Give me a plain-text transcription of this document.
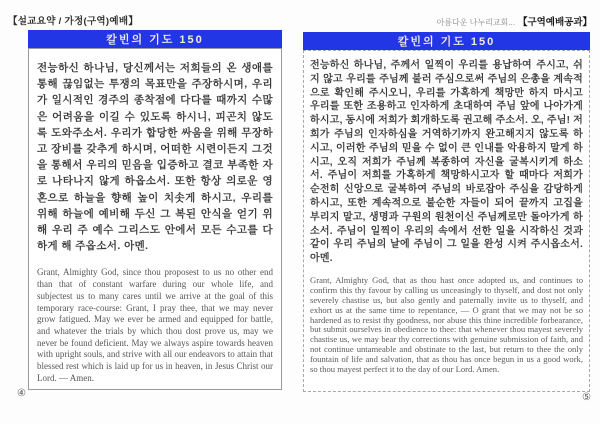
【설교요약 / 가정(구역)예배】
칼빈의 기도 150

전능하신 하나님, 당신께서는 저희들의 온 생애를 통해 끊임없는 투쟁의 목표만을 주장하시며, 우리가 일시적인 경주의 종착점에 다다를 때까지 수많은 어려움을 이길 수 있도록 하시니, 피곤치 않도록 도와주소서. 우리가 합당한 싸움을 위해 무장하고 장비를 갖추게 하시며, 어떠한 시련이든지 그것을 통해서 우리의 믿음을 입증하고 결코 부족한 자로 나타나지 않게 하옵소서. 또한 항상 의로운 영혼으로 하늘을 향해 높이 치솟게 하시고, 우리를 위해 하늘에 예비해 두신 그 복된 안식을 얻기 위해 우리 주 예수 그리스도 안에서 모든 수고를 다하게 해 주옵소서. 아멘.

Grant, Almighty God, since thou proposest to us no other end than that of constant warfare during our whole life, and subjectest us to many cares until we arrive at the goal of this temporary race-course: Grant, I pray thee, that we may never grow fatigued. May we ever be armed and equipped for battle, and whatever the trials by which thou dost prove us, may we never be found deficient. May we always aspire towards heaven with upright souls, and strive with all our endeavors to attain that blessed rest which is laid up for us in heaven, in Jesus Christ our Lord. — Amen.

④
아름다운 나누리교회... 【구역예배공과】
칼빈의 기도 150

전능하신 하나님, 주께서 일찍이 우리를 용납하여 주시고, 쉬지 않고 우리를 주님께 불러 주심으로써 주님의 은총을 계속적으로 확인해 주시오니, 우리를 가혹하게 책망만 하지 마시고 우리를 또한 조용하고 인자하게 초대하여 주님 앞에 나아가게 하시고, 동시에 저희가 회개하도록 권고해 주소서. 오, 주님! 저희가 주님의 인자하심을 거역하기까지 완고해지지 않도록 하시고, 이러한 주님의 믿을 수 없이 큰 인내를 악용하지 말게 하시고, 오직 저희가 주님께 복종하여 자신을 굴복시키게 하소서. 주님이 저희를 가혹하게 책망하시고자 할 때마다 저희가 순전히 신앙으로 굴복하여 주님의 바로잡아 주심을 감당하게 하시고, 또한 계속적으로 불순한 자들이 되어 끝까지 고집을 부리지 말고, 생명과 구원의 원천이신 주님께로만 돌아가게 하소서. 주님이 일찍이 우리의 속에서 선한 일을 시작하신 것과 같이 우리 주님의 날에 주님이 그 일을 완성 시켜 주시옵소서. 아멘.

Grant, Almighty God, that as thou hast once adopted us, and continues to confirm this thy favour by calling us unceasingly to thyself, and dost not only severely chastise us, but also gently and paternally invite us to thyself, and exhort us at the same time to repentance, — O grant that we may not be so hardened as to resist thy goodness, nor abuse this thine incredible forbearance, but submit ourselves in obedience to thee: that whenever thou mayest severely chastise us, we may bear thy corrections with genuine submission of faith, and not continue untameable and obstinate to the last, but return to thee the only fountain of life and salvation, that as thou has once begun in us a good work, so thou mayest perfect it to the day of our Lord. Amen.

⑤
